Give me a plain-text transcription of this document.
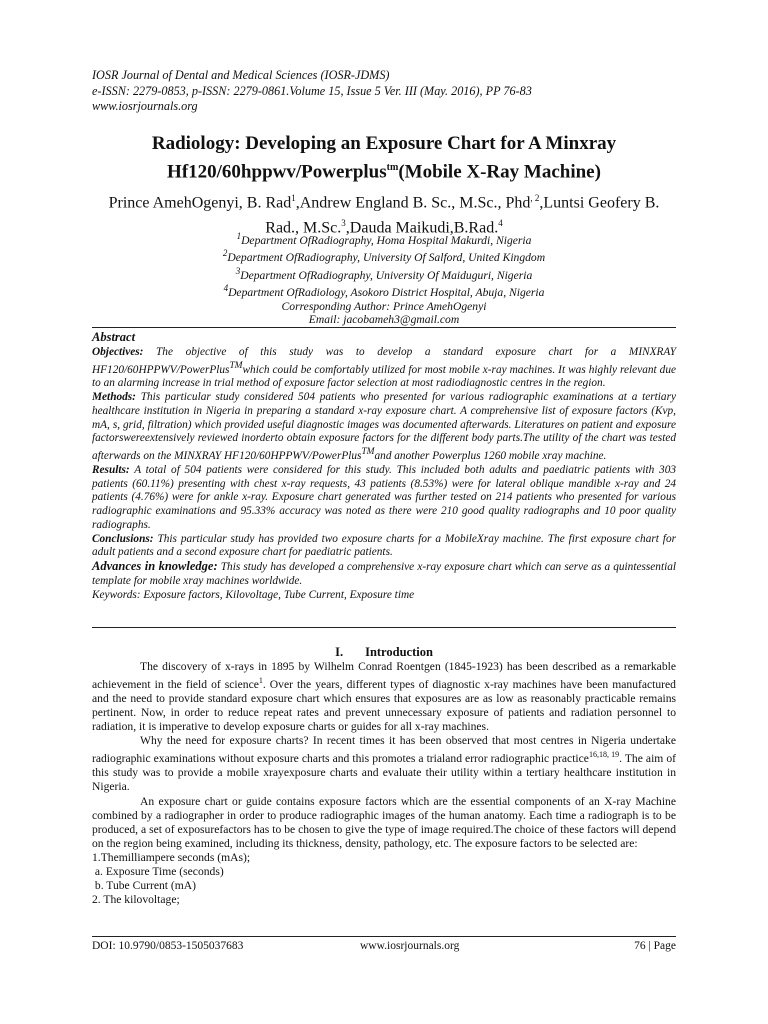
IOSR Journal of Dental and Medical Sciences (IOSR-JDMS)
e-ISSN: 2279-0853, p-ISSN: 2279-0861.Volume 15, Issue 5 Ver. III (May. 2016), PP 76-83
www.iosrjournals.org
Radiology: Developing an Exposure Chart for A Minxray
Hf120/60hppwv/Powerplus$^{tm}$(Mobile X-Ray Machine)
Prince AmehOgenyi, B. Rad$^1$,Andrew England B. Sc., M.Sc., Phd$^{, 2}$,Luntsi Geofery B. Rad., M.Sc.$^3$,Dauda Maikudi,B.Rad.$^4$
$^1$Department OfRadiography, Homa Hospital Makurdi, Nigeria
$^2$Department OfRadiography, University Of Salford, United Kingdom
$^3$Department OfRadiography, University Of Maiduguri, Nigeria
$^4$Department OfRadiology, Asokoro District Hospital, Abuja, Nigeria
Corresponding Author: Prince AmehOgenyi
Email: jacobameh3@gmail.com
Abstract

Objectives: The objective of this study was to develop a standard exposure chart for a MINXRAY HF120/60HPPWV/PowerPlus™which could be comfortably utilized for most mobile x-ray machines. It was highly relevant due to an alarming increase in trial method of exposure factor selection at most radiodiagnostic centres in the region.

Methods: This particular study considered 504 patients who presented for various radiographic examinations at a tertiary healthcare institution in Nigeria in preparing a standard x-ray exposure chart. A comprehensive list of exposure factors (Kvp, mA, s, grid, filtration) which provided useful diagnostic images was documented afterwards. Literatures on patient and exposure factorswereextensively reviewed inorderto obtain exposure factors for the different body parts.The utility of the chart was tested afterwards on the MINXRAY HF120/60HPPWV/PowerPlus™and another Powerplus 1260 mobile xray machine.

Results: A total of 504 patients were considered for this study. This included both adults and paediatric patients with 303 patients (60.11%) presenting with chest x-ray requests, 43 patients (8.53%) were for lateral oblique mandible x-ray and 24 patients (4.76%) were for ankle x-ray. Exposure chart generated was further tested on 214 patients who presented for various radiographic examinations and 95.33% accuracy was noted as there were 210 good quality radiographs and 10 poor quality radiographs.

Conclusions: This particular study has provided two exposure charts for a MobileXray machine. The first exposure chart for adult patients and a second exposure chart for paediatric patients.

Advances in knowledge: This study has developed a comprehensive x-ray exposure chart which can serve as a quintessential template for mobile xray machines worldwide.

Keywords: Exposure factors, Kilovoltage, Tube Current, Exposure time

I. Introduction

The discovery of x-rays in 1895 by Wilhelm Conrad Roentgen (1845-1923) has been described as a remarkable achievement in the field of science$^1$. Over the years, different types of diagnostic x-ray machines have been manufactured and the need to provide standard exposure chart which ensures that exposures are as low as reasonably practicable remains pertinent. Now, in order to reduce repeat rates and prevent unnecessary exposure of patients and radiation personnel to radiation, it is imperative to develop exposure charts or guides for all x-ray machines.

Why the need for exposure charts? In recent times it has been observed that most centres in Nigeria undertake radiographic examinations without exposure charts and this promotes a trialand error radiographic practice$^{16,18, 19}$. The aim of this study was to provide a mobile xrayexposure charts and evaluate their utility within a tertiary healthcare institution in Nigeria.

An exposure chart or guide contains exposure factors which are the essential components of an X-ray Machine combined by a radiographer in order to produce radiographic images of the human anatomy. Each time a radiograph is to be produced, a set of exposurefactors has to be chosen to give the type of image required.The choice of these factors will depend on the region being examined, including its thickness, density, pathology, etc. The exposure factors to be selected are:

1.Themilliampere seconds (mAs);

a. Exposure Time (seconds)

b. Tube Current (mA)

2. The kilovoltage;

DOI: 10.9790/0853-1505037683	www.iosrjournals.org	76 | Page
